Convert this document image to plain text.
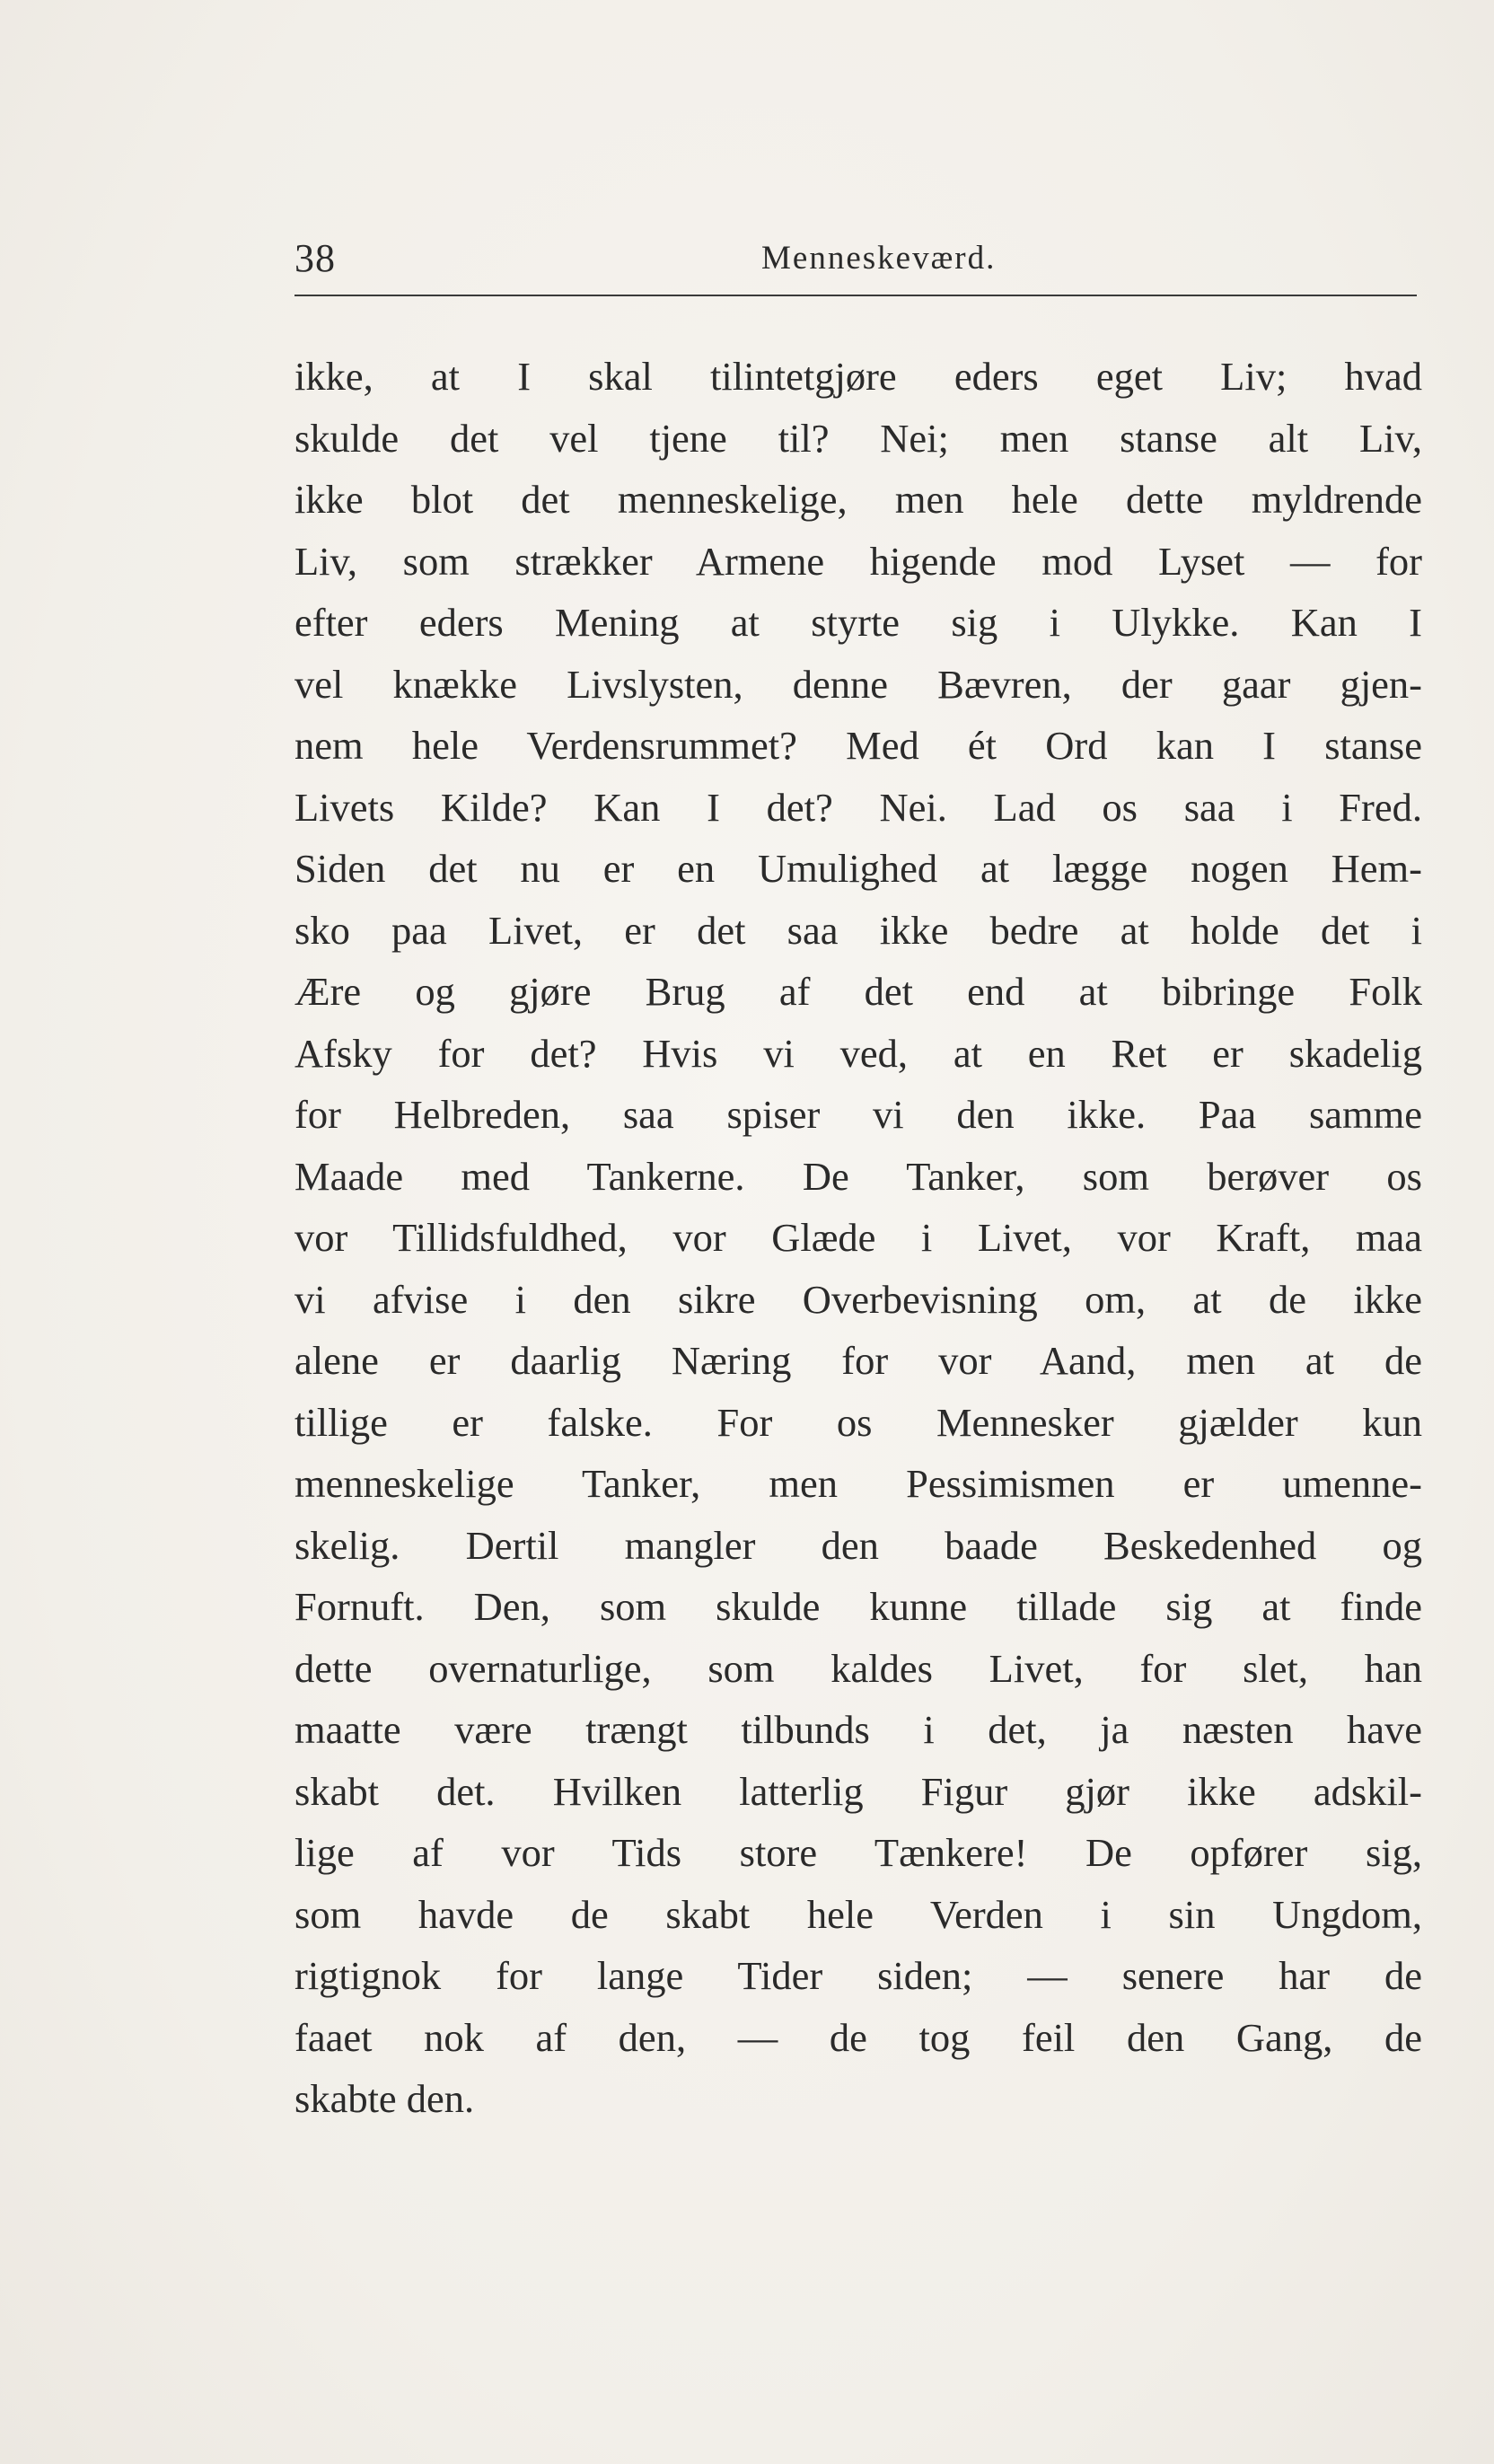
38	Menneskeværd.
ikke, at I skal tilintetgjøre eders eget Liv; hvad
skulde det vel tjene til? Nei; men stanse alt Liv,
ikke blot det menneskelige, men hele dette myldrende
Liv, som strækker Armene higende mod Lyset — for
efter eders Mening at styrte sig i Ulykke. Kan I
vel knække Livslysten, denne Bævren, der gaar gjen-
nem hele Verdensrummet? Med ét Ord kan I stanse
Livets Kilde? Kan I det? Nei. Lad os saa i Fred.
Siden det nu er en Umulighed at lægge nogen Hem-
sko paa Livet, er det saa ikke bedre at holde det i
Ære og gjøre Brug af det end at bibringe Folk
Afsky for det? Hvis vi ved, at en Ret er skadelig
for Helbreden, saa spiser vi den ikke. Paa samme
Maade med Tankerne. De Tanker, som berøver os
vor Tillidsfuldhed, vor Glæde i Livet, vor Kraft, maa
vi afvise i den sikre Overbevisning om, at de ikke
alene er daarlig Næring for vor Aand, men at de
tillige er falske. For os Mennesker gjælder kun
menneskelige Tanker, men Pessimismen er umenne-
skelig. Dertil mangler den baade Beskedenhed og
Fornuft. Den, som skulde kunne tillade sig at finde
dette overnaturlige, som kaldes Livet, for slet, han
maatte være trængt tilbunds i det, ja næsten have
skabt det. Hvilken latterlig Figur gjør ikke adskil-
lige af vor Tids store Tænkere! De opfører sig,
som havde de skabt hele Verden i sin Ungdom,
rigtignok for lange Tider siden; — senere har de
faaet nok af den, — de tog feil den Gang, de
skabte den.
